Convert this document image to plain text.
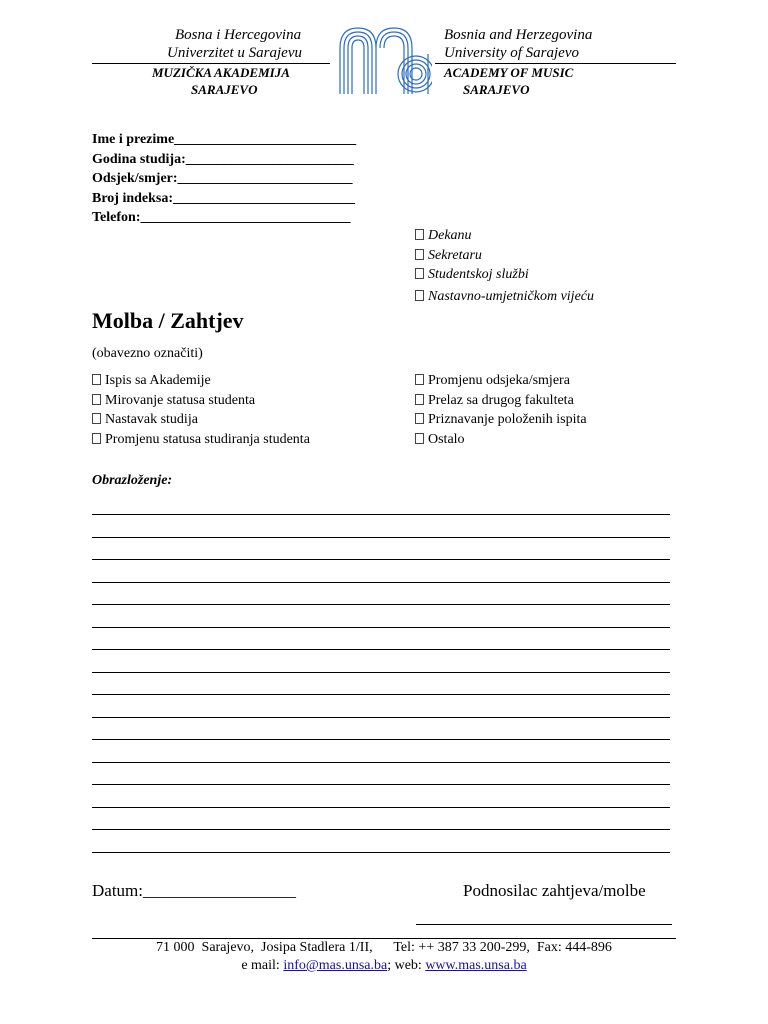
Bosna i Hercegovina
Univerzitet u Sarajevu
MUZIČKA AKADEMIJA
SARAJEVO
Bosnia and Herzegovina
University of Sarajevo
ACADEMY OF MUSIC
SARAJEVO
Ime i prezime__________________________
Godina studija:________________________
Odsjek/smjer:_________________________
Broj indeksa:__________________________
Telefon:______________________________
Dekanu
Sekretaru
Studentskoj službi
Nastavno-umjetničkom vijeću
Molba / Zahtjev
(obavezno označiti)
Ispis sa Akademije
Mirovanje statusa studenta
Nastavak studija
Promjenu statusa studiranja studenta
Promjenu odsjeka/smjera
Prelaz sa drugog fakulteta
Priznavanje položenih ispita
Ostalo
Obrazloženje:
Datum:__________________	Podnosilac zahtjeva/molbe
71 000  Sarajevo,  Josipa Stadlera 1/II,      Tel: ++ 387 33 200-299,  Fax: 444-896
e mail: info@mas.unsa.ba; web: www.mas.unsa.ba
